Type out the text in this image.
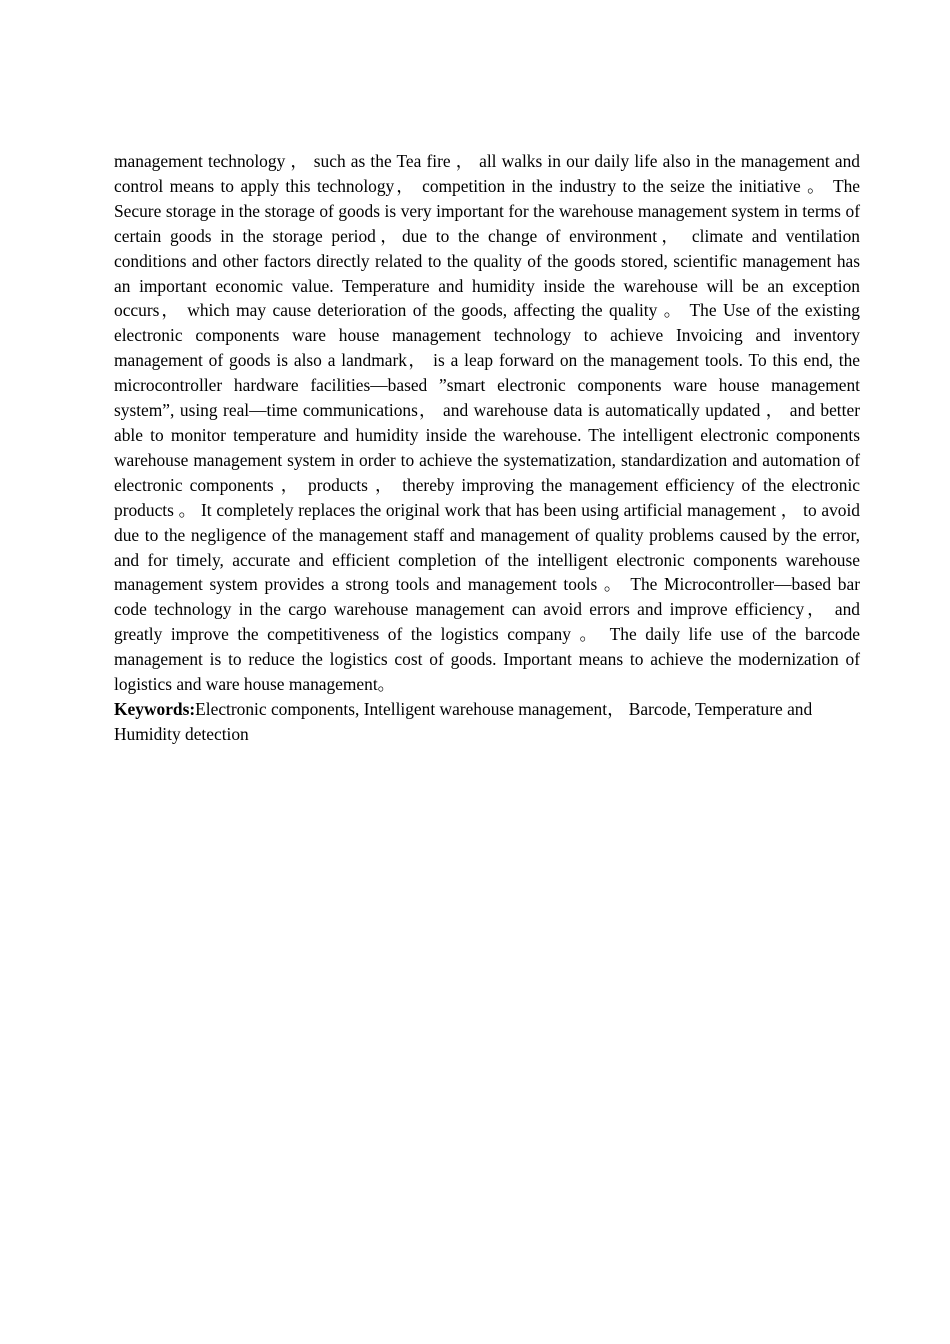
management technology ， such as the Tea fire ， all walks in our daily life also in the management and control means to apply this technology， competition in the industry to the seize the initiative 。 The Secure storage in the storage of goods is very important for the warehouse management system in terms of certain goods in the storage period，due to the change of environment， climate and ventilation conditions and other factors directly related to the quality of the goods stored, scientific management has an important economic value. Temperature and humidity inside the warehouse will be an exception occurs， which may cause deterioration of the goods, affecting the quality 。 The Use of the existing electronic components ware house management technology to achieve Invoicing and inventory management of goods is also a landmark， is a leap forward on the management tools. To this end, the microcontroller hardware facilities—based ”smart electronic components ware house management system”, using real—time communications， and warehouse data is automatically updated ， and better able to monitor temperature and humidity inside the warehouse. The intelligent electronic components warehouse management system in order to achieve the systematization, standardization and automation of electronic components ， products ， thereby improving the management efficiency of the electronic products 。 It completely replaces the original work that has been using artificial management ， to avoid due to the negligence of the management staff and management of quality problems caused by the error, and for timely, accurate and efficient completion of the intelligent electronic components warehouse management system provides a strong tools and management tools 。 The Microcontroller—based bar code technology in the cargo warehouse management can avoid errors and improve efficiency， and greatly improve the competitiveness of the logistics company 。 The daily life use of the barcode management is to reduce the logistics cost of goods. Important means to achieve the modernization of logistics and ware house management。

Keywords:Electronic components, Intelligent warehouse management， Barcode, Temperature and Humidity detection
